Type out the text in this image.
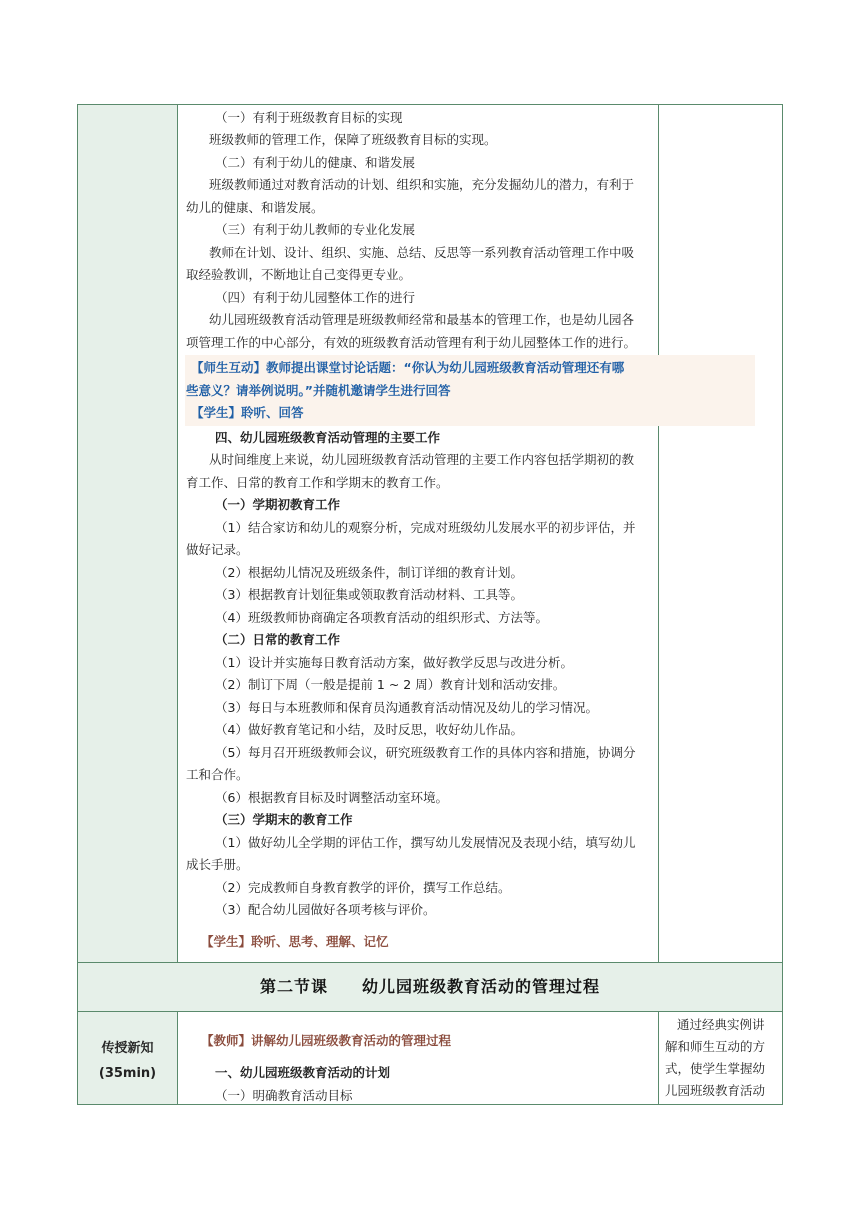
（一）有利于班级教育目标的实现
班级教师的管理工作，保障了班级教育目标的实现。
（二）有利于幼儿的健康、和谐发展
班级教师通过对教育活动的计划、组织和实施，充分发掘幼儿的潜力，有利于
幼儿的健康、和谐发展。
（三）有利于幼儿教师的专业化发展
教师在计划、设计、组织、实施、总结、反思等一系列教育活动管理工作中吸
取经验教训，不断地让自己变得更专业。
（四）有利于幼儿园整体工作的进行
幼儿园班级教育活动管理是班级教师经常和最基本的管理工作，也是幼儿园各
项管理工作的中心部分，有效的班级教育活动管理有利于幼儿园整体工作的进行。
【师生互动】教师提出课堂讨论话题：“你认为幼儿园班级教育活动管理还有哪
些意义？请举例说明。”并随机邀请学生进行回答
【学生】聆听、回答
四、幼儿园班级教育活动管理的主要工作
从时间维度上来说，幼儿园班级教育活动管理的主要工作内容包括学期初的教
育工作、日常的教育工作和学期末的教育工作。
（一）学期初教育工作
（1）结合家访和幼儿的观察分析，完成对班级幼儿发展水平的初步评估，并
做好记录。
（2）根据幼儿情况及班级条件，制订详细的教育计划。
（3）根据教育计划征集或领取教育活动材料、工具等。
（4）班级教师协商确定各项教育活动的组织形式、方法等。
（二）日常的教育工作
（1）设计并实施每日教育活动方案，做好教学反思与改进分析。
（2）制订下周（一般是提前 1 ~ 2 周）教育计划和活动安排。
（3）每日与本班教师和保育员沟通教育活动情况及幼儿的学习情况。
（4）做好教育笔记和小结，及时反思，收好幼儿作品。
（5）每月召开班级教师会议，研究班级教育工作的具体内容和措施，协调分
工和合作。
（6）根据教育目标及时调整活动室环境。
（三）学期末的教育工作
（1）做好幼儿全学期的评估工作，撰写幼儿发展情况及表现小结，填写幼儿
成长手册。
（2）完成教师自身教育教学的评价，撰写工作总结。
（3）配合幼儿园做好各项考核与评价。
【学生】聆听、思考、理解、记忆
第二节课　　幼儿园班级教育活动的管理过程
传授新知
(35min)
【教师】讲解幼儿园班级教育活动的管理过程
一、幼儿园班级教育活动的计划
（一）明确教育活动目标
通过经典实例讲
解和师生互动的方
式，使学生掌握幼
儿园班级教育活动
